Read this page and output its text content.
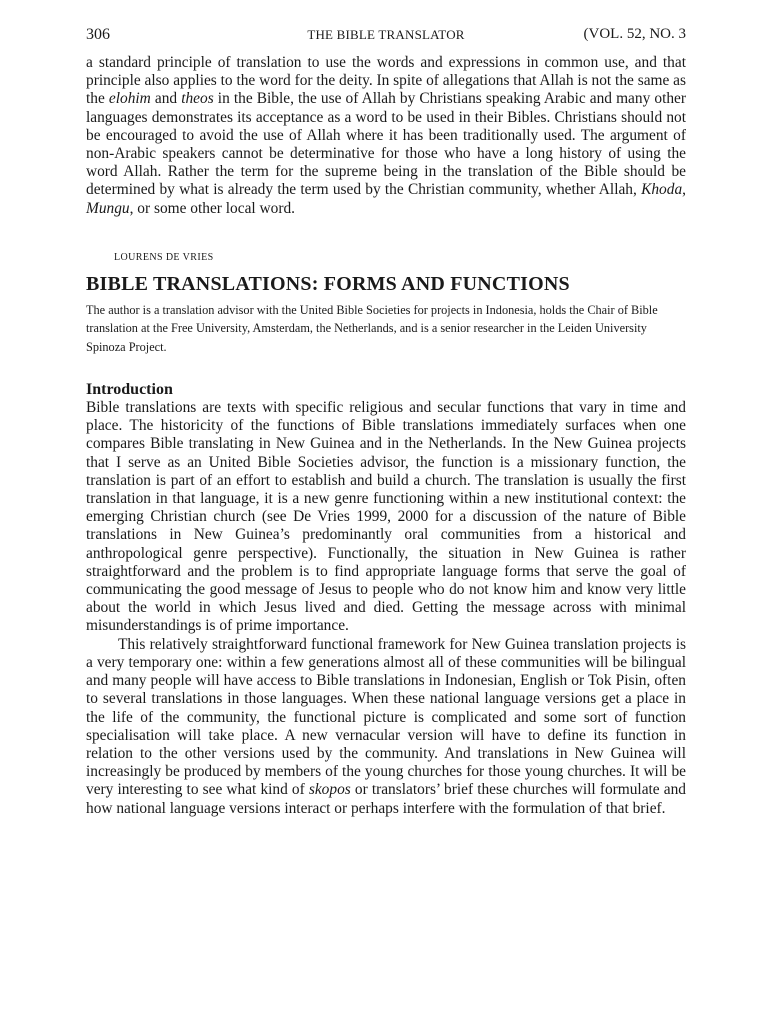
306	THE BIBLE TRANSLATOR	(VOL. 52, NO. 3

a standard principle of translation to use the words and expressions in common use, and that principle also applies to the word for the deity. In spite of allegations that Allah is not the same as the elohim and theos in the Bible, the use of Allah by Christians speaking Arabic and many other languages demonstrates its acceptance as a word to be used in their Bibles. Christians should not be encouraged to avoid the use of Allah where it has been traditionally used. The argument of non-Arabic speakers cannot be determinative for those who have a long history of using the word Allah. Rather the term for the supreme being in the translation of the Bible should be determined by what is already the term used by the Christian community, whether Allah, Khoda, Mungu, or some other local word.

LOURENS DE VRIES
BIBLE TRANSLATIONS: FORMS AND FUNCTIONS

The author is a translation advisor with the United Bible Societies for projects in Indonesia, holds the Chair of Bible translation at the Free University, Amsterdam, the Netherlands, and is a senior researcher in the Leiden University Spinoza Project.

Introduction

Bible translations are texts with specific religious and secular functions that vary in time and place. The historicity of the functions of Bible translations immediately surfaces when one compares Bible translating in New Guinea and in the Netherlands. In the New Guinea projects that I serve as an United Bible Societies advisor, the function is a missionary function, the translation is part of an effort to establish and build a church. The translation is usually the first translation in that language, it is a new genre functioning within a new institutional context: the emerging Christian church (see De Vries 1999, 2000 for a discussion of the nature of Bible translations in New Guinea’s predominantly oral communities from a historical and anthropological genre perspective). Functionally, the situation in New Guinea is rather straightforward and the problem is to find appropriate language forms that serve the goal of communicating the good message of Jesus to people who do not know him and know very little about the world in which Jesus lived and died. Getting the message across with minimal misunderstandings is of prime importance.

This relatively straightforward functional framework for New Guinea translation projects is a very temporary one: within a few generations almost all of these communities will be bilingual and many people will have access to Bible translations in Indonesian, English or Tok Pisin, often to several translations in those languages. When these national language versions get a place in the life of the community, the functional picture is complicated and some sort of function specialisation will take place. A new vernacular version will have to define its function in relation to the other versions used by the community. And translations in New Guinea will increasingly be produced by members of the young churches for those young churches. It will be very interesting to see what kind of skopos or translators’ brief these churches will formulate and how national language versions interact or perhaps interfere with the formulation of that brief.
